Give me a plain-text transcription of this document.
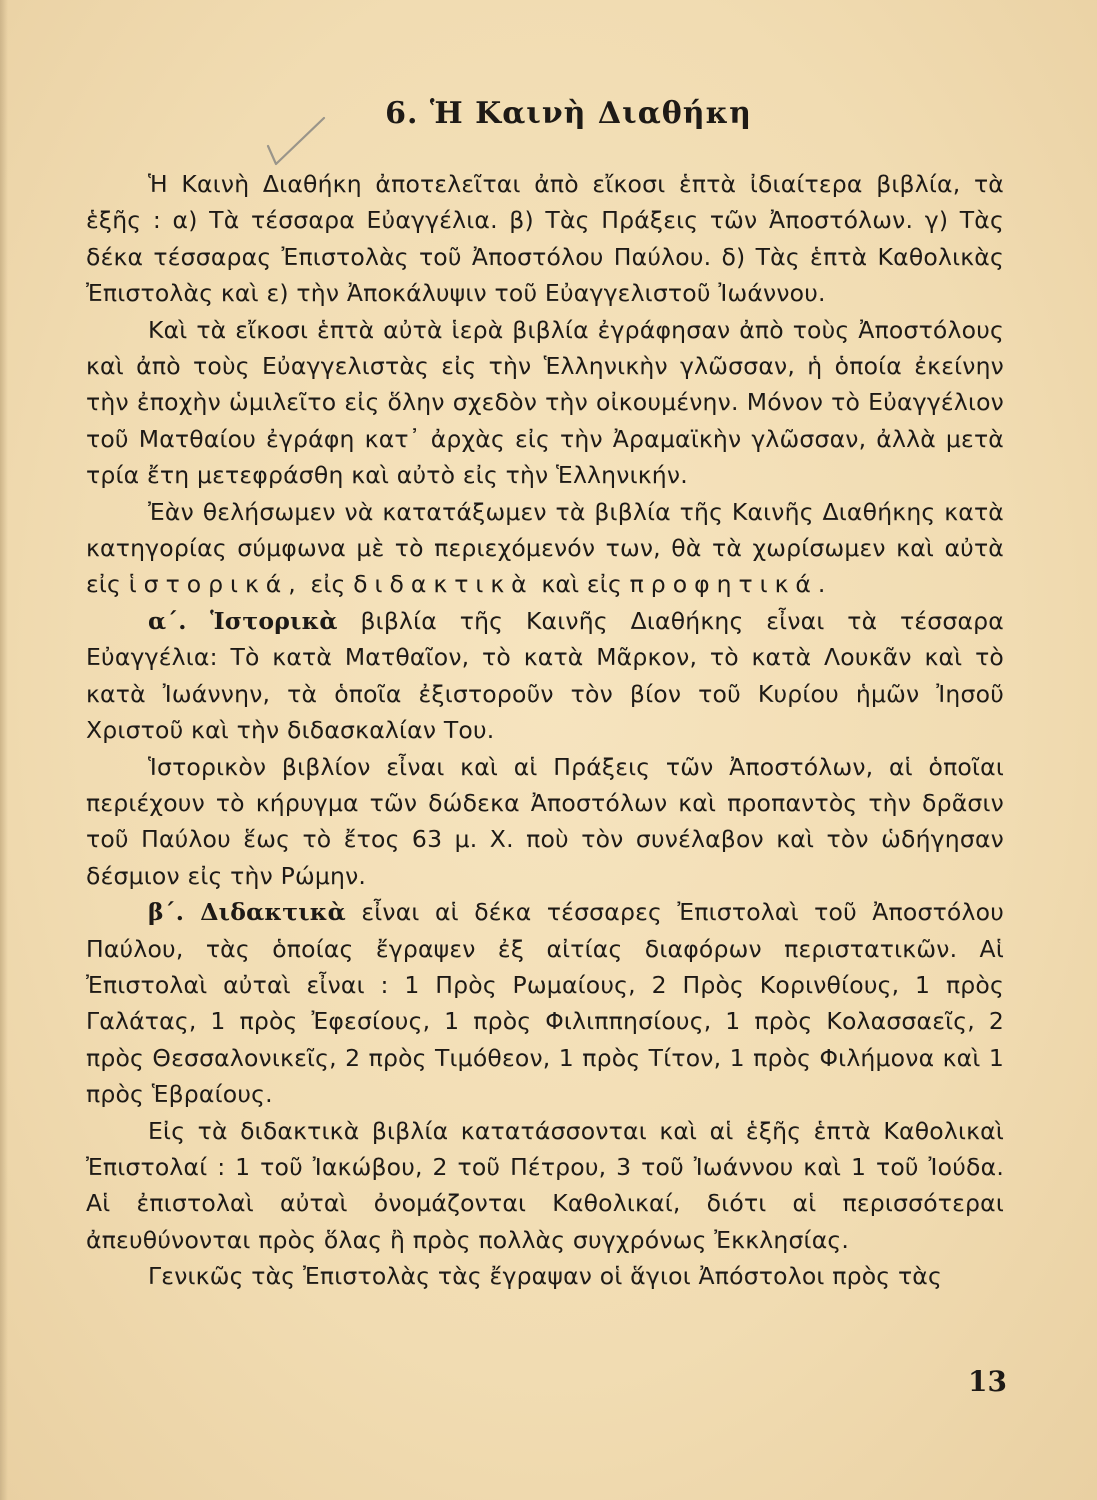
6. Ἡ Καινὴ Διαθήκη

Ἡ Καινὴ Διαθήκη ἀποτελεῖται ἀπὸ εἴκοσι ἑπτὰ ἰδιαίτερα βιβλία, τὰ ἑξῆς : α) Τὰ τέσσαρα Εὐαγγέλια. β) Τὰς Πράξεις τῶν Ἀποστόλων. γ) Τὰς δέκα τέσσαρας Ἐπιστολὰς τοῦ Ἀποστόλου Παύλου. δ) Τὰς ἑπτὰ Καθολικὰς Ἐπιστολὰς καὶ ε) τὴν Ἀποκάλυψιν τοῦ Εὐαγγελιστοῦ Ἰωάννου.

Καὶ τὰ εἴκοσι ἑπτὰ αὐτὰ ἱερὰ βιβλία ἐγράφησαν ἀπὸ τοὺς Ἀποστόλους καὶ ἀπὸ τοὺς Εὐαγγελιστὰς εἰς τὴν Ἑλληνικὴν γλῶσσαν, ἡ ὁποία ἐκείνην τὴν ἐποχὴν ὡμιλεῖτο εἰς ὅλην σχεδὸν τὴν οἰκουμένην. Μόνον τὸ Εὐαγγέλιον τοῦ Ματθαίου ἐγράφη κατ᾽ ἀρχὰς εἰς τὴν Ἀραμαϊκὴν γλῶσσαν, ἀλλὰ μετὰ τρία ἔτη μετεφράσθη καὶ αὐτὸ εἰς τὴν Ἑλληνικήν.

Ἐὰν θελήσωμεν νὰ κατατάξωμεν τὰ βιβλία τῆς Καινῆς Διαθήκης κατὰ κατηγορίας σύμφωνα μὲ τὸ περιεχόμενόν των, θὰ τὰ χωρίσωμεν καὶ αὐτὰ εἰς ἱστορικά, εἰς διδακτικὰ καὶ εἰς προφητικά.

α΄. Ἱστορικὰ βιβλία τῆς Καινῆς Διαθήκης εἶναι τὰ τέσσαρα Εὐαγγέλια: Τὸ κατὰ Ματθαῖον, τὸ κατὰ Μᾶρκον, τὸ κατὰ Λουκᾶν καὶ τὸ κατὰ Ἰωάννην, τὰ ὁποῖα ἐξιστοροῦν τὸν βίον τοῦ Κυρίου ἡμῶν Ἰησοῦ Χριστοῦ καὶ τὴν διδασκαλίαν Του.

Ἱστορικὸν βιβλίον εἶναι καὶ αἱ Πράξεις τῶν Ἀποστόλων, αἱ ὁποῖαι περιέχουν τὸ κήρυγμα τῶν δώδεκα Ἀποστόλων καὶ προπαντὸς τὴν δρᾶσιν τοῦ Παύλου ἕως τὸ ἔτος 63 μ. Χ. ποὺ τὸν συνέλαβον καὶ τὸν ὡδήγησαν δέσμιον εἰς τὴν Ρώμην.

β΄. Διδακτικὰ εἶναι αἱ δέκα τέσσαρες Ἐπιστολαὶ τοῦ Ἀποστόλου Παύλου, τὰς ὁποίας ἔγραψεν ἐξ αἰτίας διαφόρων περιστατικῶν. Αἱ Ἐπιστολαὶ αὐταὶ εἶναι : 1 Πρὸς Ρωμαίους, 2 Πρὸς Κορινθίους, 1 πρὸς Γαλάτας, 1 πρὸς Ἐφεσίους, 1 πρὸς Φιλιππησίους, 1 πρὸς Κολασσαεῖς, 2 πρὸς Θεσσαλονικεῖς, 2 πρὸς Τιμόθεον, 1 πρὸς Τίτον, 1 πρὸς Φιλήμονα καὶ 1 πρὸς Ἑβραίους.

Εἰς τὰ διδακτικὰ βιβλία κατατάσσονται καὶ αἱ ἑξῆς ἑπτὰ Καθολικαὶ Ἐπιστολαί : 1 τοῦ Ἰακώβου, 2 τοῦ Πέτρου, 3 τοῦ Ἰωάννου καὶ 1 τοῦ Ἰούδα. Αἱ ἐπιστολαὶ αὐταὶ ὀνομάζονται Καθολικαί, διότι αἱ περισσότεραι ἀπευθύνονται πρὸς ὅλας ἢ πρὸς πολλὰς συγχρόνως Ἐκκλησίας.

Γενικῶς τὰς Ἐπιστολὰς τὰς ἔγραψαν οἱ ἅγιοι Ἀπόστολοι πρὸς τὰς

13
